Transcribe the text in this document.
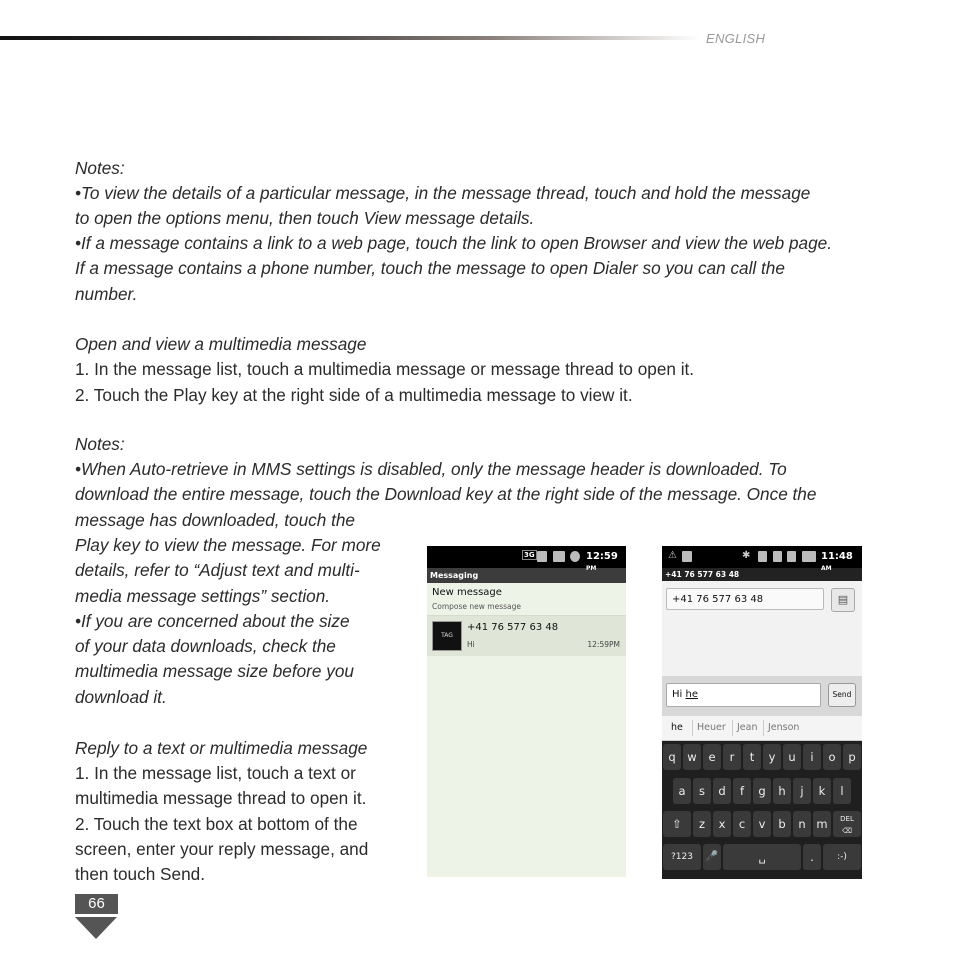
ENGLISH
Notes:
•To view the details of a particular message, in the message thread, touch and hold the message
to open the options menu, then touch View message details.
•If a message contains a link to a web page, touch the link to open Browser and view the web page.
If a message contains a phone number, touch the message to open Dialer so you can call the
number.
Open and view a multimedia message
1. In the message list, touch a multimedia message or message thread to open it.
2. Touch the Play key at the right side of a multimedia message to view it.
Notes:
•When Auto-retrieve in MMS settings is disabled, only the message header is downloaded. To
download the entire message, touch the Download key at the right side of the message. Once the
message has downloaded, touch the
Play key to view the message. For more
details, refer to “Adjust text and multi-
media message settings” section.
•If you are concerned about the size
of your data downloads, check the
multimedia message size before you
download it.
Reply to a text or multimedia message
1. In the message list, touch a text or
multimedia message thread to open it.
2. Touch the text box at bottom of the
screen, enter your reply message, and
then touch Send.
66
3G	12:59 PM
Messaging
New message
Compose new message
TAG
+41 76 577 63 48
Hi	12:59PM
⚠	✱	11:48 AM
+41 76 577 63 48
+41 76 577 63 48	▤
Hi he	Send
he Heuer Jean Jenson
q	w	e	r	t	y	u	i	o	p
a	s	d	f	g	h	j	k	l
⇧	z	x	c	v	b	n m	DEL
⌫
?123	🎤	␣	.	:-)
